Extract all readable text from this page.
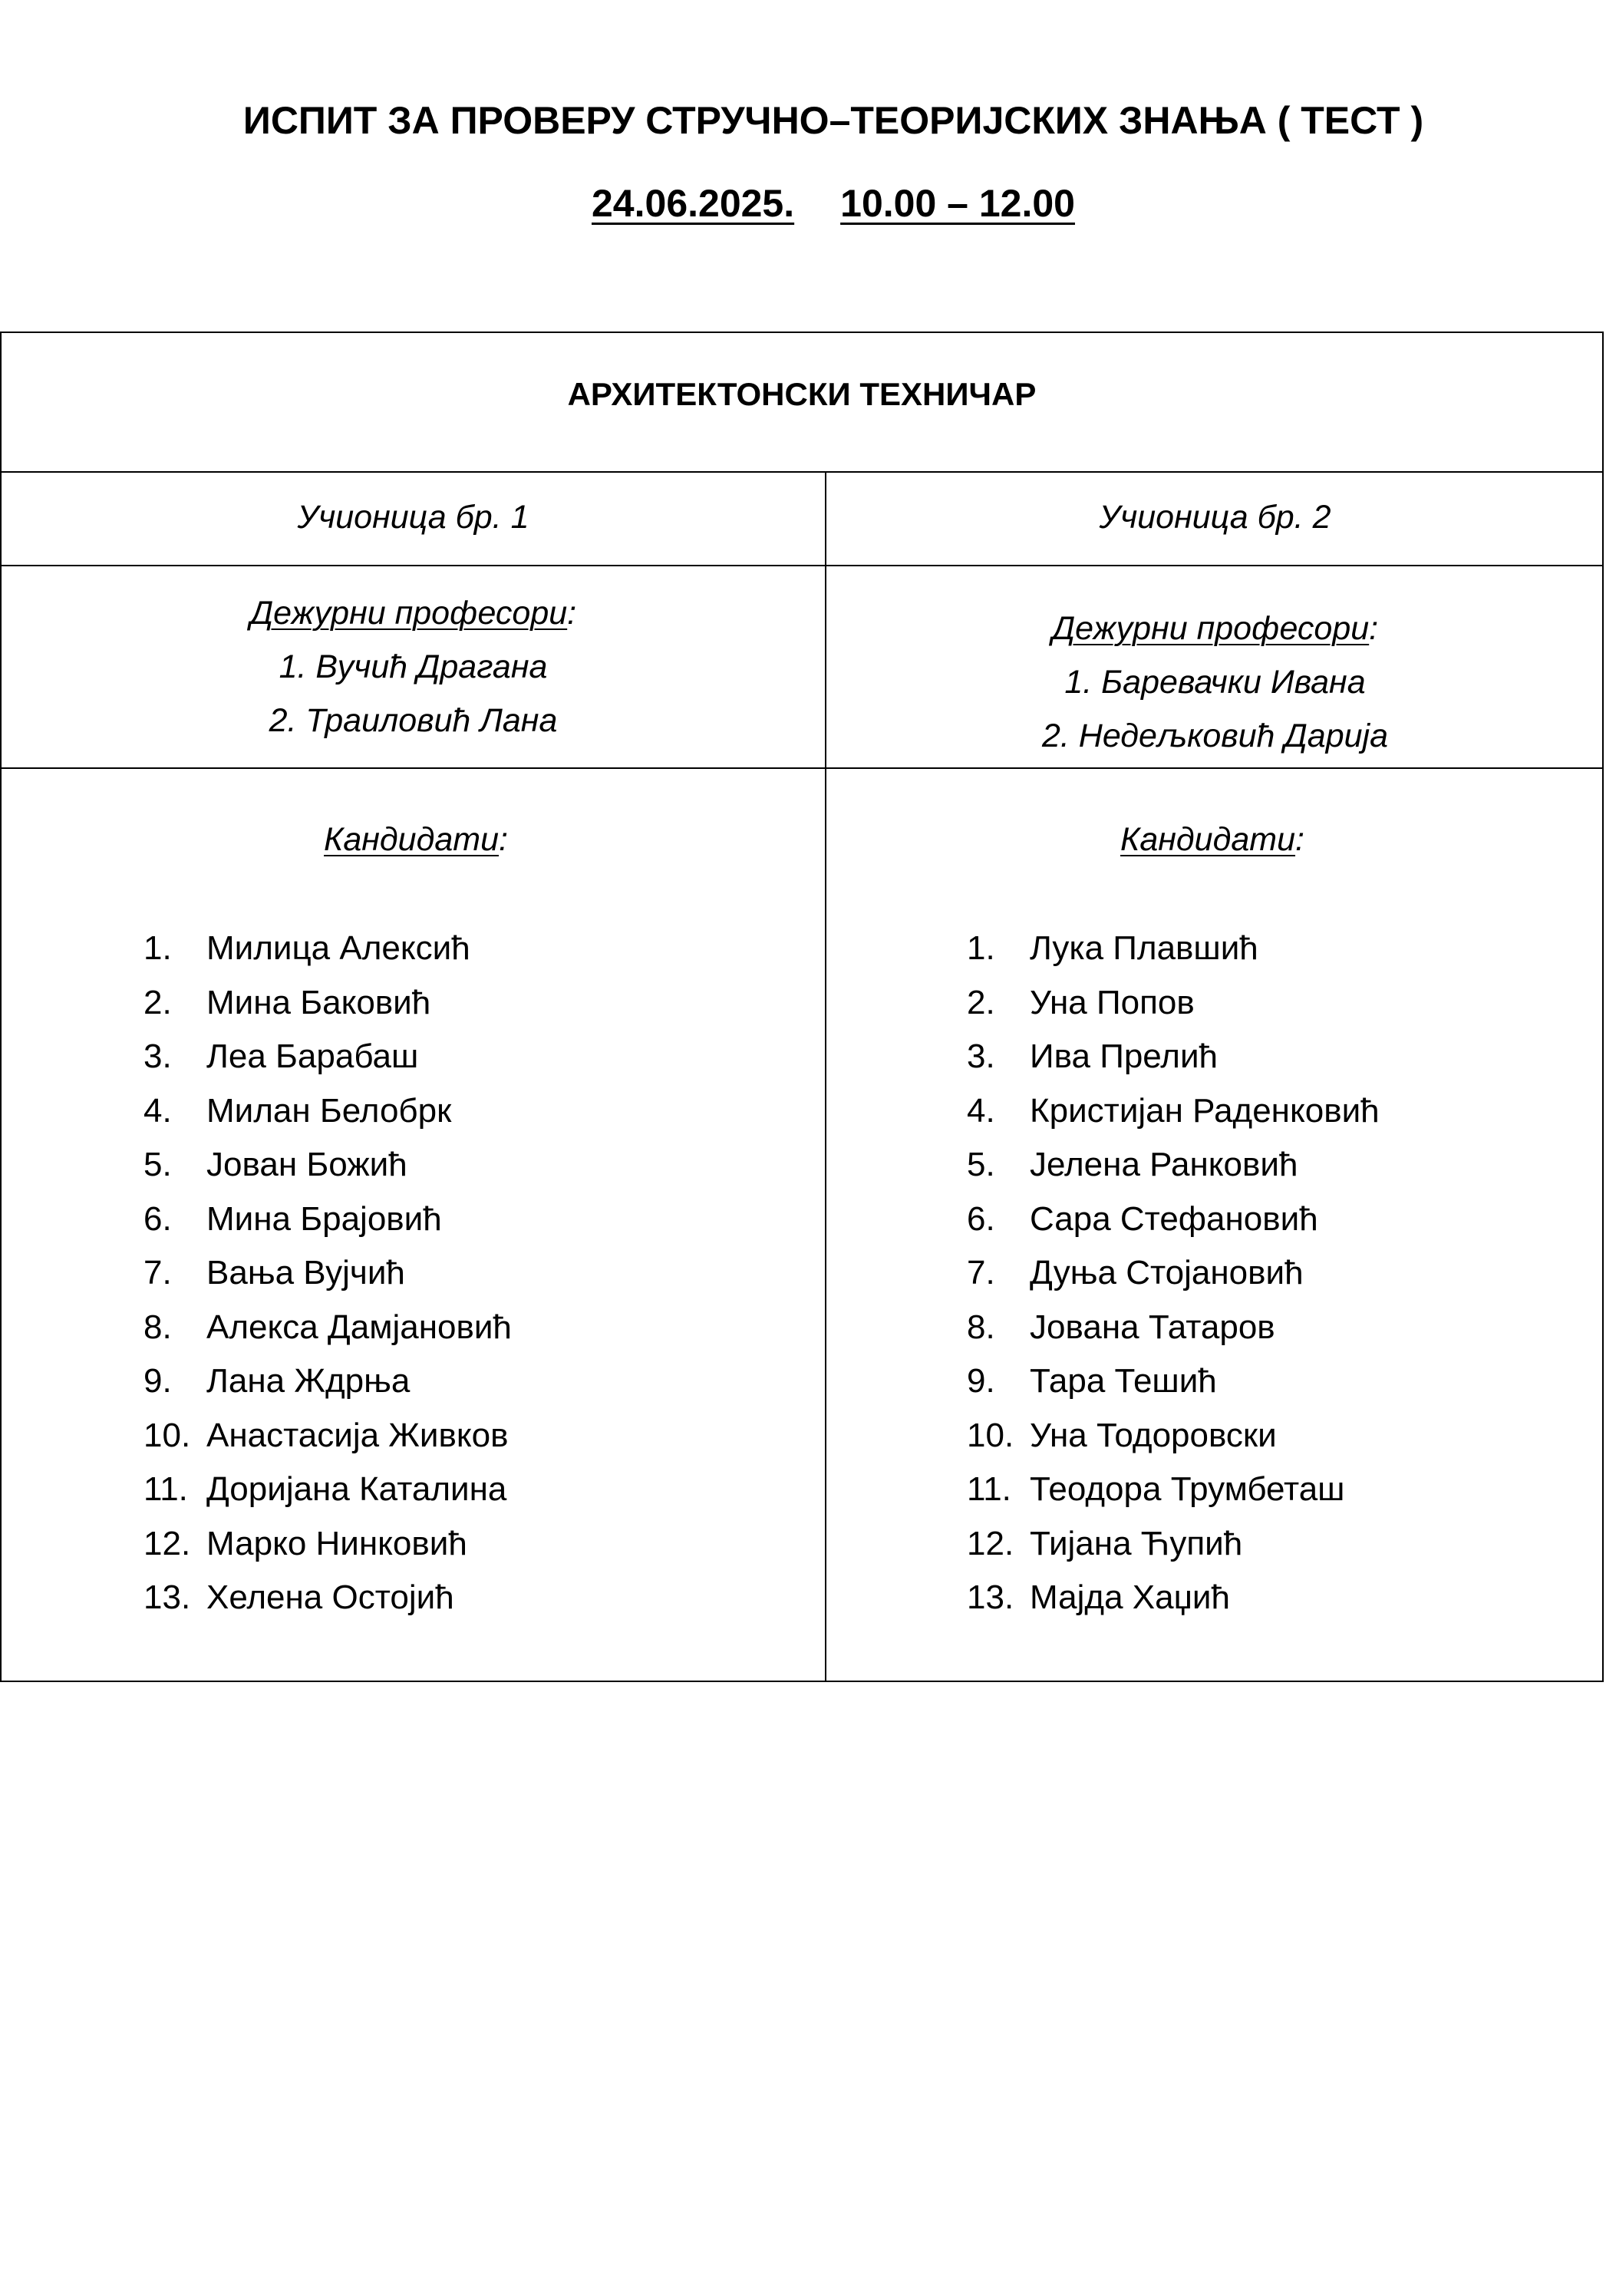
ИСПИТ ЗА ПРОВЕРУ СТРУЧНО–ТЕОРИЈСКИХ ЗНАЊА ( ТЕСТ )
24.06.2025. 10.00 – 12.00
АРХИТЕКТОНСКИ ТЕХНИЧАР
Учионица бр. 1
Дежурни професори:
1. Вучић Драгана
2. Траиловић Лана
Кандидати:
1. Милица Алексић
2. Мина Баковић
3. Леа Барабаш
4. Милан Белобрк
5. Јован Божић
6. Мина Брајовић
7. Вања Вујчић
8. Алекса Дамјановић
9. Лана Ждрња
10. Анастасија Живков
11. Доријана Каталина
12. Марко Нинковић
13. Хелена Остојић
Учионица бр. 2
Дежурни професори:
1. Баревачки Ивана
2. Недељковић Дарија
Кандидати:
1. Лука Плавшић
2. Уна Попов
3. Ива Прелић
4. Кристијан Раденковић
5. Јелена Ранковић
6. Сара Стефановић
7. Дуња Стојановић
8. Јована Татаров
9. Тара Тешић
10. Уна Тодоровски
11. Теодора Трумбеташ
12. Тијана Ћупић
13. Мајда Хаџић
